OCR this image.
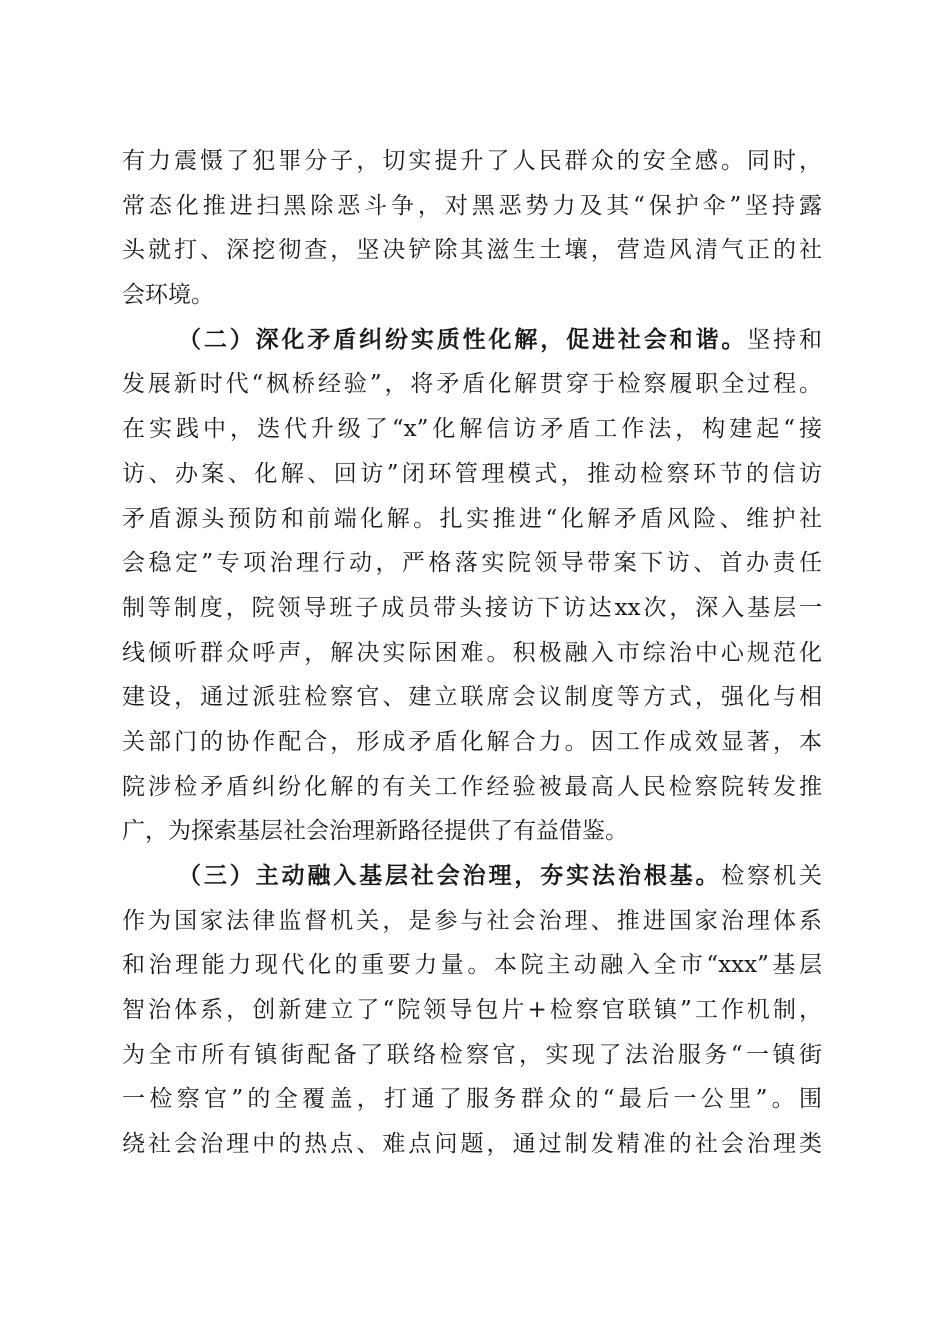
有力震慑了犯罪分子，切实提升了人民群众的安全感。同时，
常态化推进扫黑除恶斗争，对黑恶势力及其“保护伞”坚持露
头就打、深挖彻查，坚决铲除其滋生土壤，营造风清气正的社
会环境。
（二）深化矛盾纠纷实质性化解，促进社会和谐。坚持和
发展新时代“枫桥经验”，将矛盾化解贯穿于检察履职全过程。
在实践中，迭代升级了“x”化解信访矛盾工作法，构建起“接
访、办案、化解、回访”闭环管理模式，推动检察环节的信访
矛盾源头预防和前端化解。扎实推进“化解矛盾风险、维护社
会稳定”专项治理行动，严格落实院领导带案下访、首办责任
制等制度，院领导班子成员带头接访下访达xx次，深入基层一
线倾听群众呼声，解决实际困难。积极融入市综治中心规范化
建设，通过派驻检察官、建立联席会议制度等方式，强化与相
关部门的协作配合，形成矛盾化解合力。因工作成效显著，本
院涉检矛盾纠纷化解的有关工作经验被最高人民检察院转发推
广，为探索基层社会治理新路径提供了有益借鉴。
（三）主动融入基层社会治理，夯实法治根基。检察机关
作为国家法律监督机关，是参与社会治理、推进国家治理体系
和治理能力现代化的重要力量。本院主动融入全市“xxx”基层
智治体系，创新建立了“院领导包片+检察官联镇”工作机制，
为全市所有镇街配备了联络检察官，实现了法治服务“一镇街
一检察官”的全覆盖，打通了服务群众的“最后一公里”。围
绕社会治理中的热点、难点问题，通过制发精准的社会治理类
